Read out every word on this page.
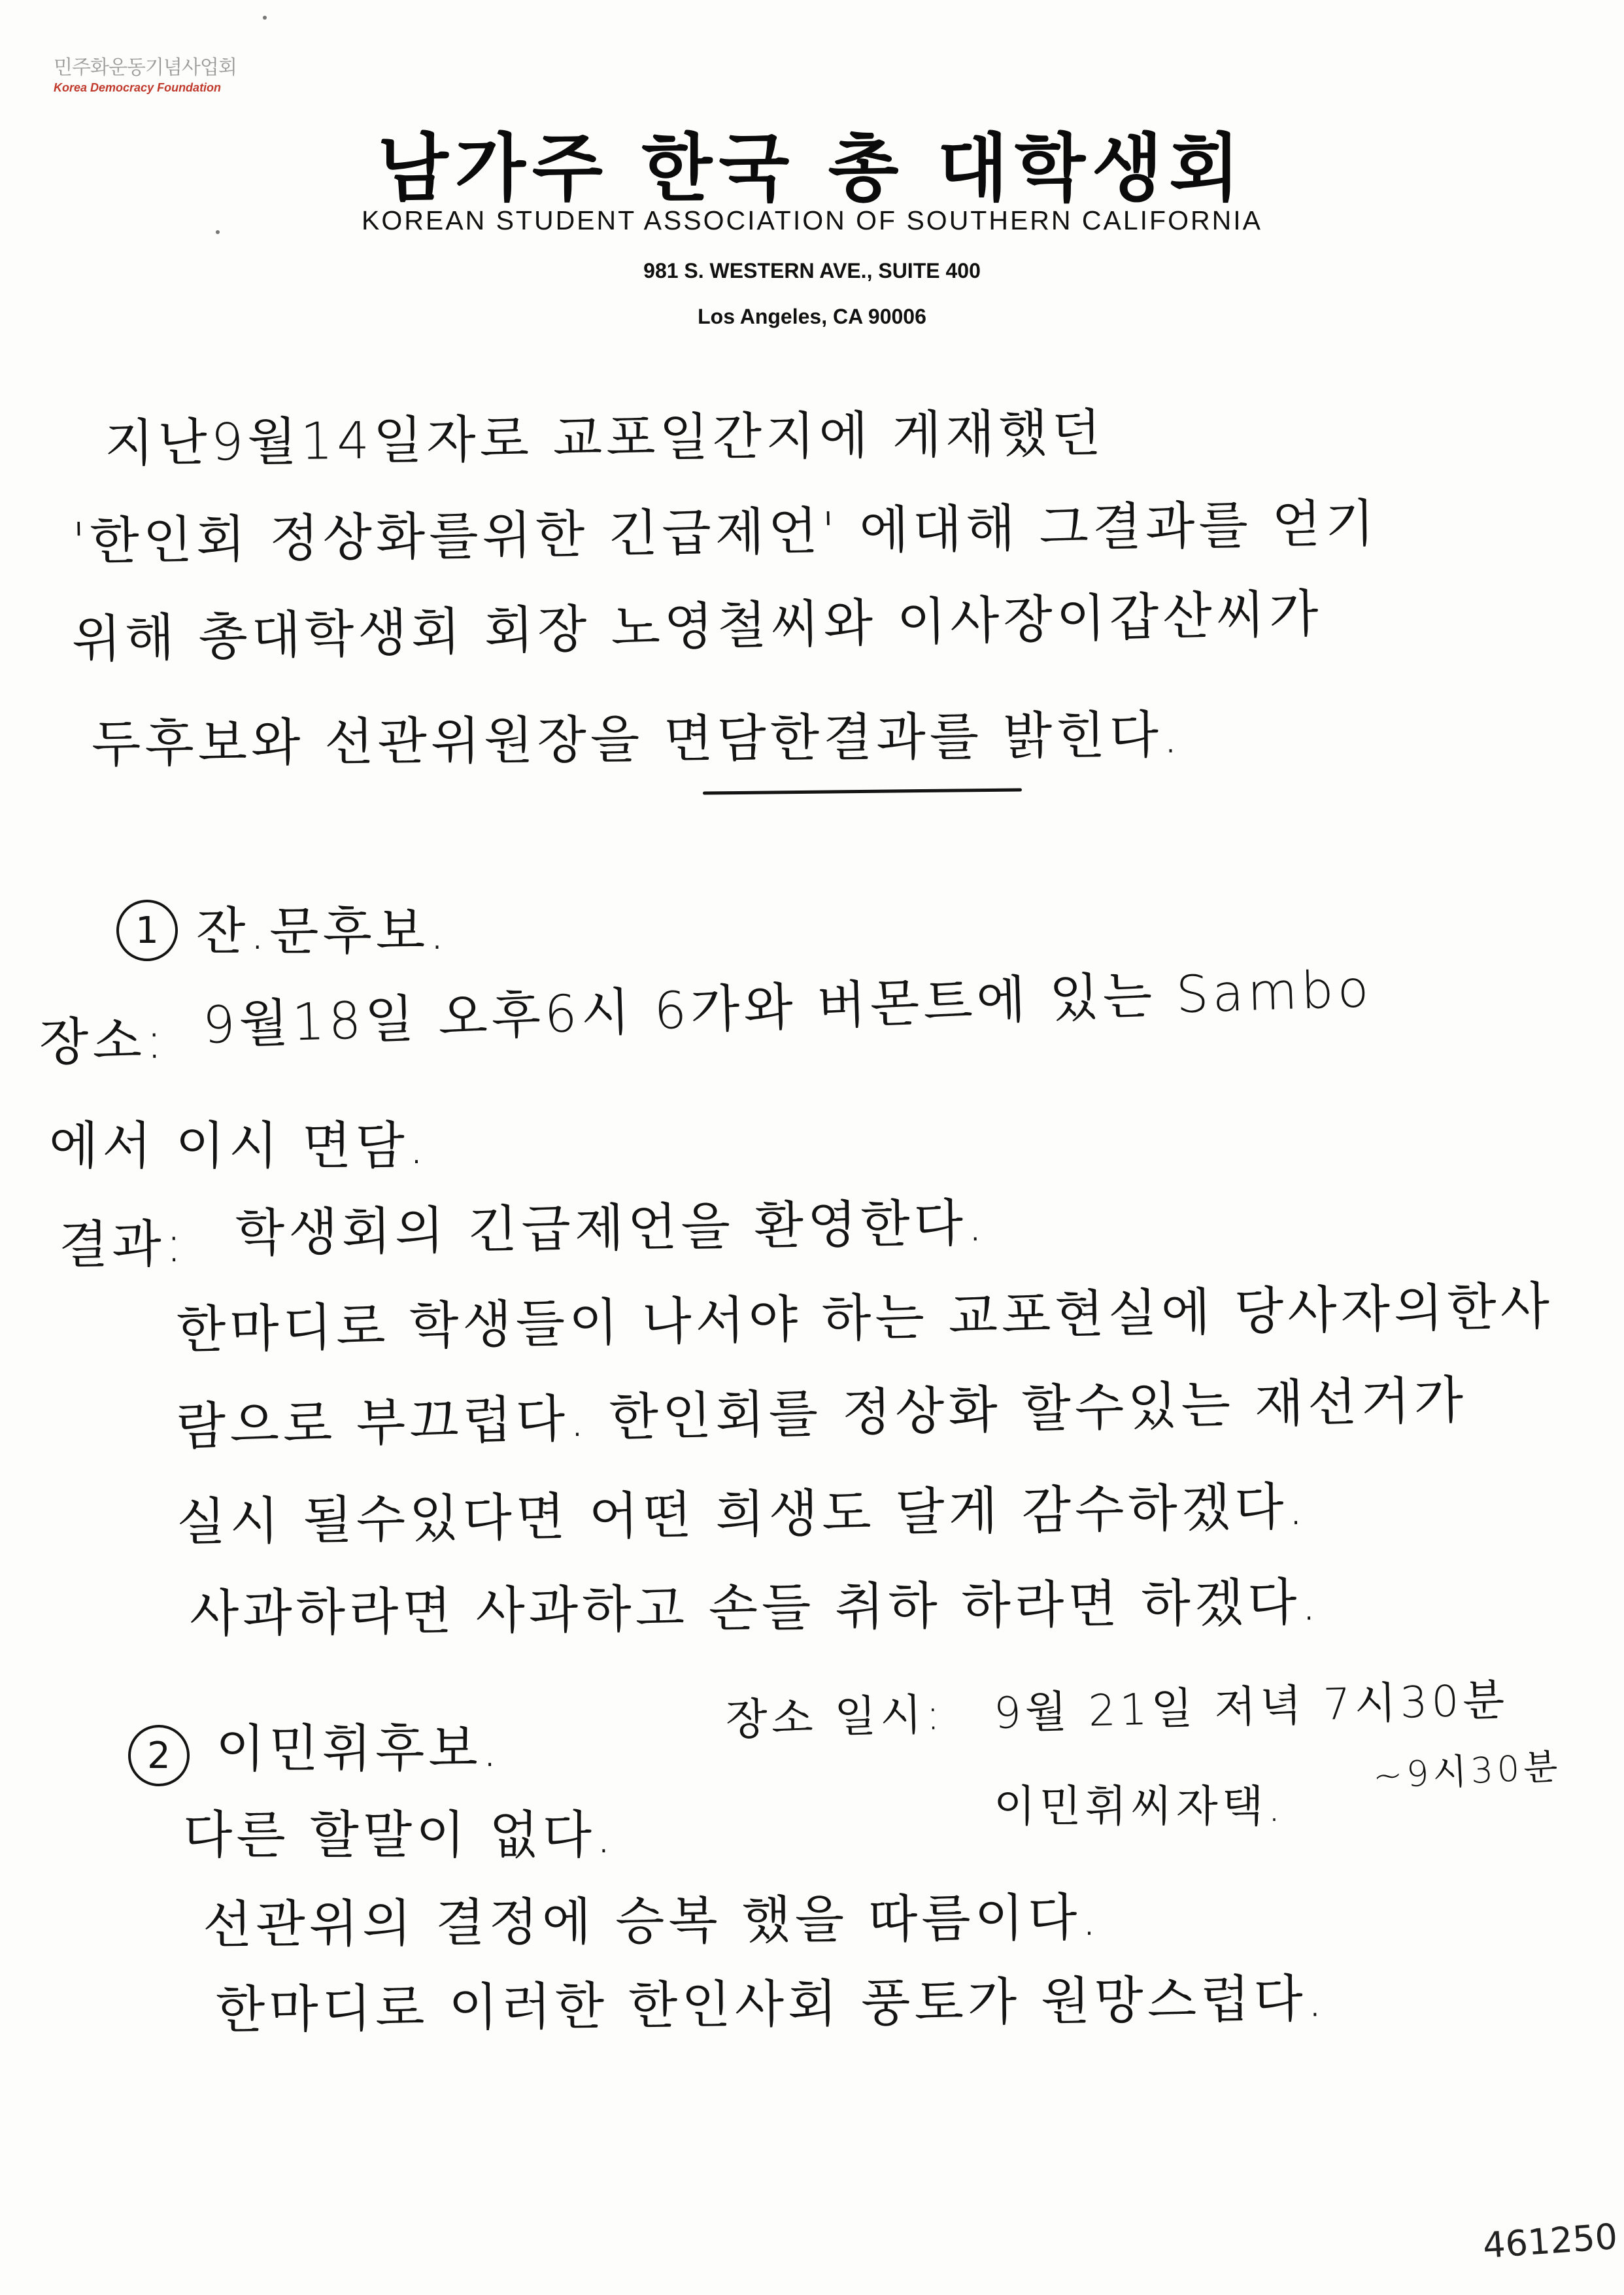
민주화운동기념사업회
Korea Democracy Foundation
남가주 한국 총 대학생회
KOREAN STUDENT ASSOCIATION OF SOUTHERN CALIFORNIA
981 S. WESTERN AVE., SUITE 400
Los Angeles, CA 90006
지난9월14일자로 교포일간지에 게재했던
'한인회 정상화를위한 긴급제언' 에대해 그결과를 얻기
위해 총대학생회 회장 노영철씨와 이사장이갑산씨가
두후보와 선관위원장을 면담한결과를 밝힌다.
1 잔.문후보.
장소: 9월18일 오후6시 6가와 버몬트에 있는 Sambo
에서 이시 면담.
결과: 학생회의 긴급제언을 환영한다.
한마디로 학생들이 나서야 하는 교포현실에 당사자의한사
람으로 부끄럽다. 한인회를 정상화 할수있는 재선거가
실시 될수있다면 어떤 희생도 달게 감수하겠다.
사과하라면 사과하고 손들 취하 하라면 하겠다.
2 이민휘후보.
장소 일시: 9월 21일 저녁 7시30분
이민휘씨자택.
~9시30분
다른 할말이 없다.
선관위의 결정에 승복 했을 따름이다.
한마디로 이러한 한인사회 풍토가 원망스럽다.
461250
